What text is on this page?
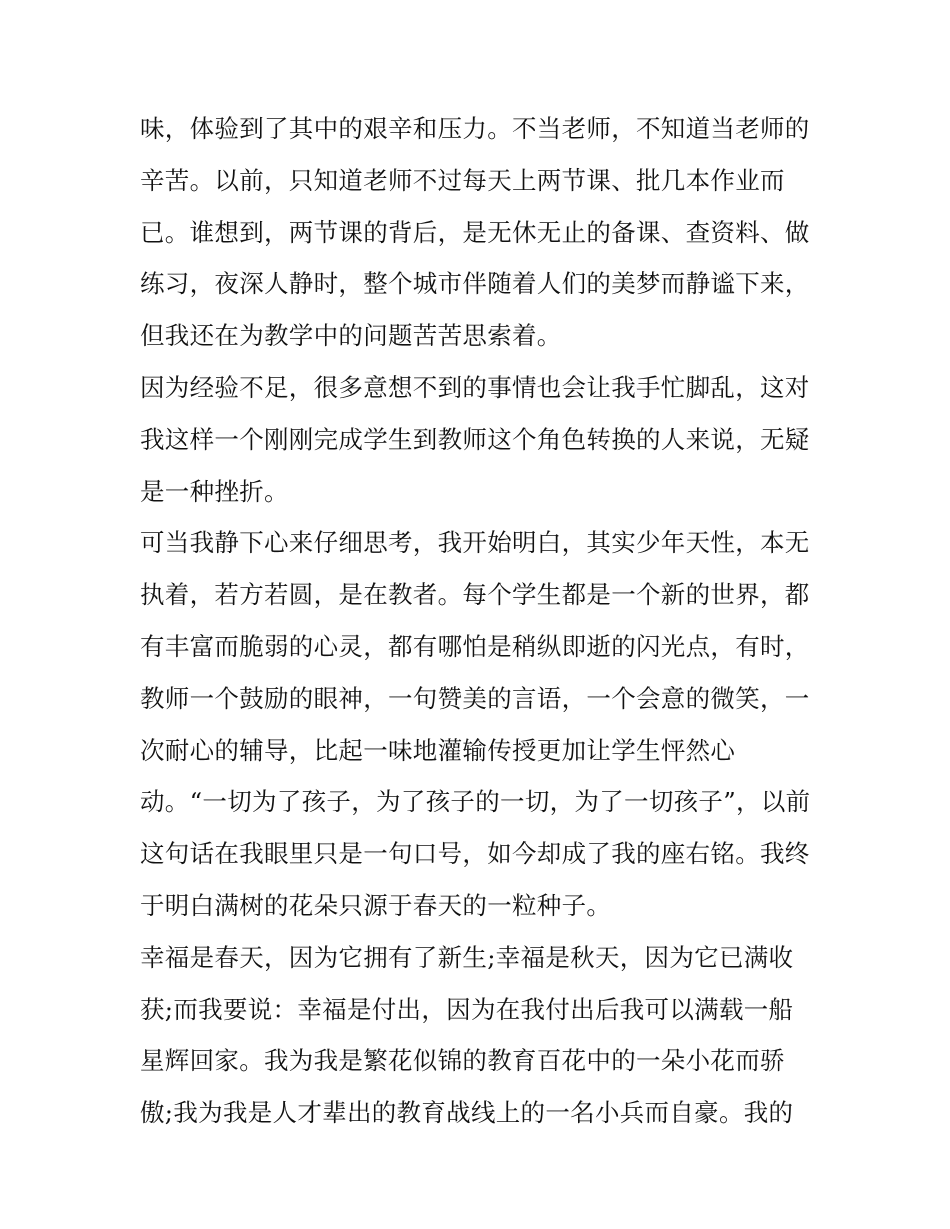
味，体验到了其中的艰辛和压力。不当老师，不知道当老师的
辛苦。以前，只知道老师不过每天上两节课、批几本作业而
已。谁想到，两节课的背后，是无休无止的备课、查资料、做
练习，夜深人静时，整个城市伴随着人们的美梦而静谧下来，
但我还在为教学中的问题苦苦思索着。
因为经验不足，很多意想不到的事情也会让我手忙脚乱，这对
我这样一个刚刚完成学生到教师这个角色转换的人来说，无疑
是一种挫折。
可当我静下心来仔细思考，我开始明白，其实少年天性，本无
执着，若方若圆，是在教者。每个学生都是一个新的世界，都
有丰富而脆弱的心灵，都有哪怕是稍纵即逝的闪光点，有时，
教师一个鼓励的眼神，一句赞美的言语，一个会意的微笑，一
次耐心的辅导，比起一味地灌输传授更加让学生怦然心
动。“一切为了孩子，为了孩子的一切，为了一切孩子”，以前
这句话在我眼里只是一句口号，如今却成了我的座右铭。我终
于明白满树的花朵只源于春天的一粒种子。
幸福是春天，因为它拥有了新生;幸福是秋天，因为它已满收
获;而我要说：幸福是付出，因为在我付出后我可以满载一船
星辉回家。我为我是繁花似锦的教育百花中的一朵小花而骄
傲;我为我是人才辈出的教育战线上的一名小兵而自豪。我的
